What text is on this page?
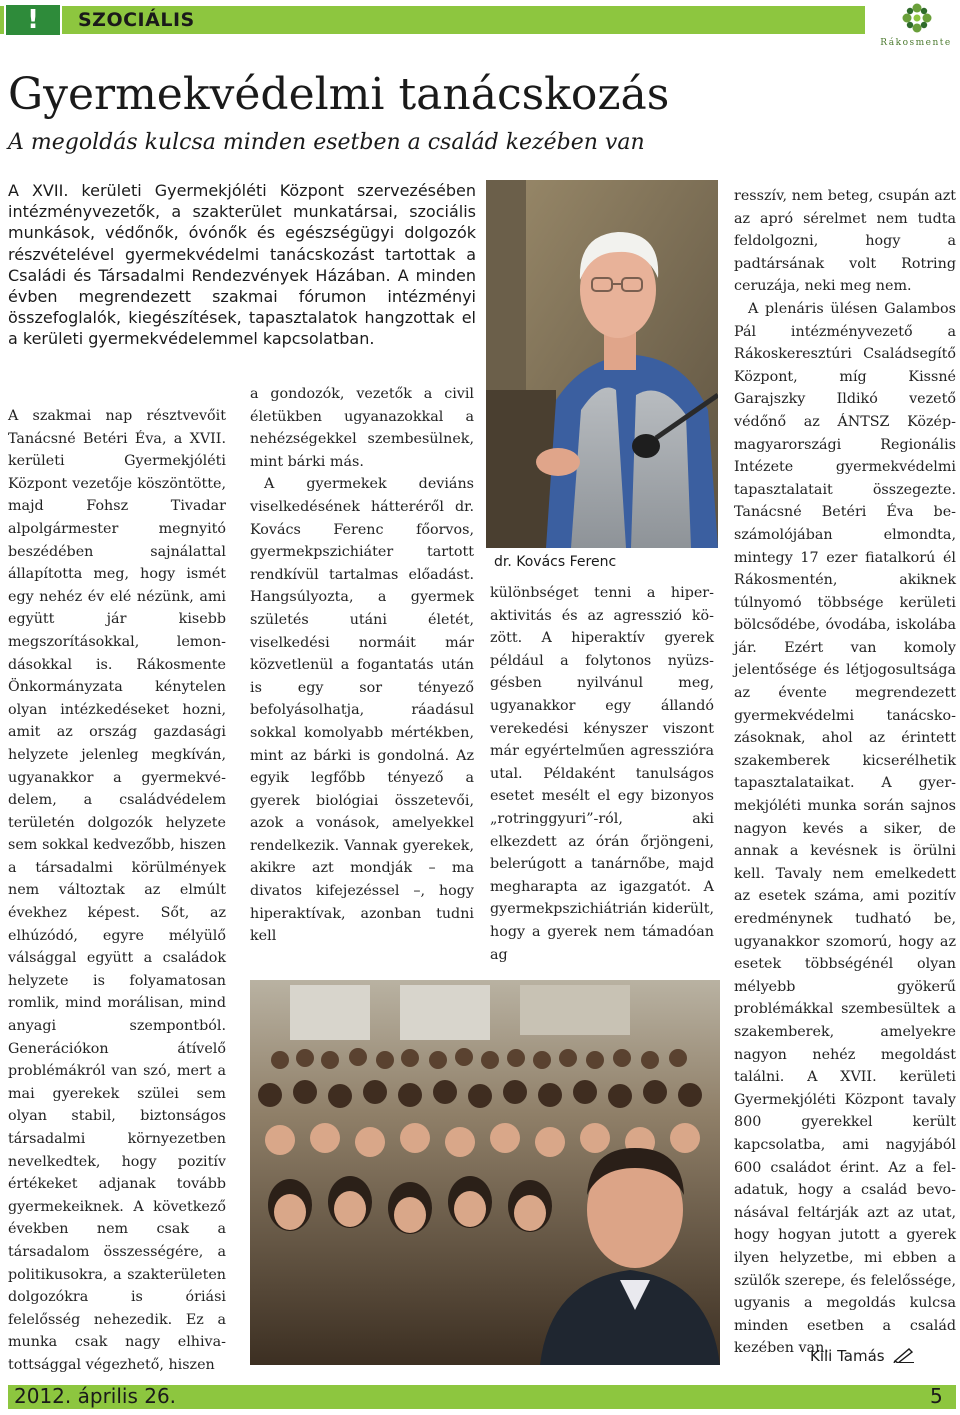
!	SZOCIÁLIS
Rákosmente
Gyermekvédelmi tanácskozás
A megoldás kulcsa minden esetben a család kezében van
A XVII. kerületi Gyermekjóléti Központ szervezésében intézményvezetők, a szakterület munkatársai, szociális munkások, védőnők, óvónők és egészségügyi dolgozók részvételével gyermekvédelmi tanácskozást tartottak a Családi és Társadalmi Rendezvények Házában. A minden évben megrendezett szakmai fórumon intézményi összefoglalók, kiegészítések, tapasztalatok hangzottak el a kerületi gyermekvédelemmel kapcsolatban.
dr. Kovács Ferenc

A szakmai nap résztvevőit Tanácsné Betéri Éva, a XVII. kerületi Gyermekjóléti Központ vezetője köszöntötte, majd Fohsz Tivadar alpolgármester megnyitó beszédében sajnálattal állapította meg, hogy ismét egy nehéz év elé nézünk, ami együtt jár kisebb megszorításokkal, lemondásokkal is. Rákosmente Önkormányzata kénytelen olyan intézkedéseket hozni, amit az ország gazdasági helyzete jelenleg megkíván, ugyanakkor a gyermekvédelem, a családvédelem területén dolgozók helyzete sem sokkal kedvezőbb, hiszen a társadalmi körülmények nem változtak az elmúlt évekhez képest. Sőt, az elhúzódó, egyre mélyülő válsággal együtt a családok helyzete is folyamatosan romlik, mind morálisan, mind anyagi szempontból. Generációkon átívelő problémákról van szó, mert a mai gyerekek szülei sem olyan stabil, biztonságos társadalmi környezetben nevelkedtek, hogy pozitív értékeket adjanak tovább gyermekeiknek. A következő években nem csak a társadalom összességére, a politikusokra, a szakterületen dolgozókra is óriási felelősség nehezedik. Ez a munka csak nagy elhivatottsággal végezhető, hiszen

a gondozók, vezetők a civil életükben ugyanazokkal a nehézségekkel szembesülnek, mint bárki más.

A gyermekek deviáns viselkedésének hátteréről dr. Kovács Ferenc főorvos, gyermekpszichiáter tartott rendkívül tartalmas előadást. Hangsúlyozta, a gyermek születés utáni életét, viselkedési normáit már közvetlenül a fogantatás után is egy sor tényező befolyásolhatja, ráadásul sokkal komolyabb mértékben, mint az bárki is gondolná. Az egyik legfőbb tényező a gyerek biológiai összetevői, azok a vonások, amelyekkel rendelkezik. Vannak gyerekek, akikre azt mondják – ma divatos kifejezéssel –, hogy hiperaktívak, azonban tudni kell

különbséget tenni a hiperaktivitás és az agresszió között. A hiperaktív gyerek például a folytonos nyüzsgésben nyilvánul meg, ugyanakkor egy állandó verekedési kényszer viszont már egyértelműen agresszióra utal. Példaként tanulságos esetet mesélt el egy bizonyos „rotringgyuri”-ról, aki elkezdett az órán őrjöngeni, belerúgott a tanárnőbe, majd megharapta az igazgatót. A gyermekpszichiátrián kiderült, hogy a gyerek nem támadóan ag

resszív, nem beteg, csupán azt az apró sérelmet nem tudta feldolgozni, hogy a padtársának volt Rotring ceruzája, neki meg nem.

A plenáris ülésen Galambos Pál intézményvezető a Rákoskeresztúri Családsegítő Központ, míg Kissné Garajszky Ildikó vezető védőnő az ÁNTSZ Középmagyarországi Regionális Intézete gyermekvédelmi tapasztalatait összegezte. Tanácsné Betéri Éva beszámolójában elmondta, mintegy 17 ezer fiatalkorú él Rákosmentén, akiknek túlnyomó többsége kerületi bölcsődébe, óvodába, iskolába jár. Ezért van komoly jelentősége és létjogosultsága az évente megrendezett gyermekvédelmi tanácskozásoknak, ahol az érintett szakemberek kicserélhetik tapasztalataikat. A gyermekjóléti munka során sajnos nagyon kevés a siker, de annak a kevésnek is örülni kell. Tavaly nem emelkedett az esetek száma, ami pozitív eredménynek tudható be, ugyanakkor szomorú, hogy az esetek többségénél olyan mélyebb gyökerű problémákkal szembesültek a szakemberek, amelyekre nagyon nehéz megoldást találni. A XVII. kerületi Gyermekjóléti Központ tavaly 800 gyerekkel került kapcsolatba, ami nagyjából 600 családot érint. Az a feladatuk, hogy a család bevonásával feltárják azt az utat, hogy hogyan jutott a gyerek ilyen helyzetbe, mi ebben a szülők szerepe, és felelőssége, ugyanis a megoldás kulcsa minden esetben a család kezében van.

Kili Tamás
2012. április 26.	5
